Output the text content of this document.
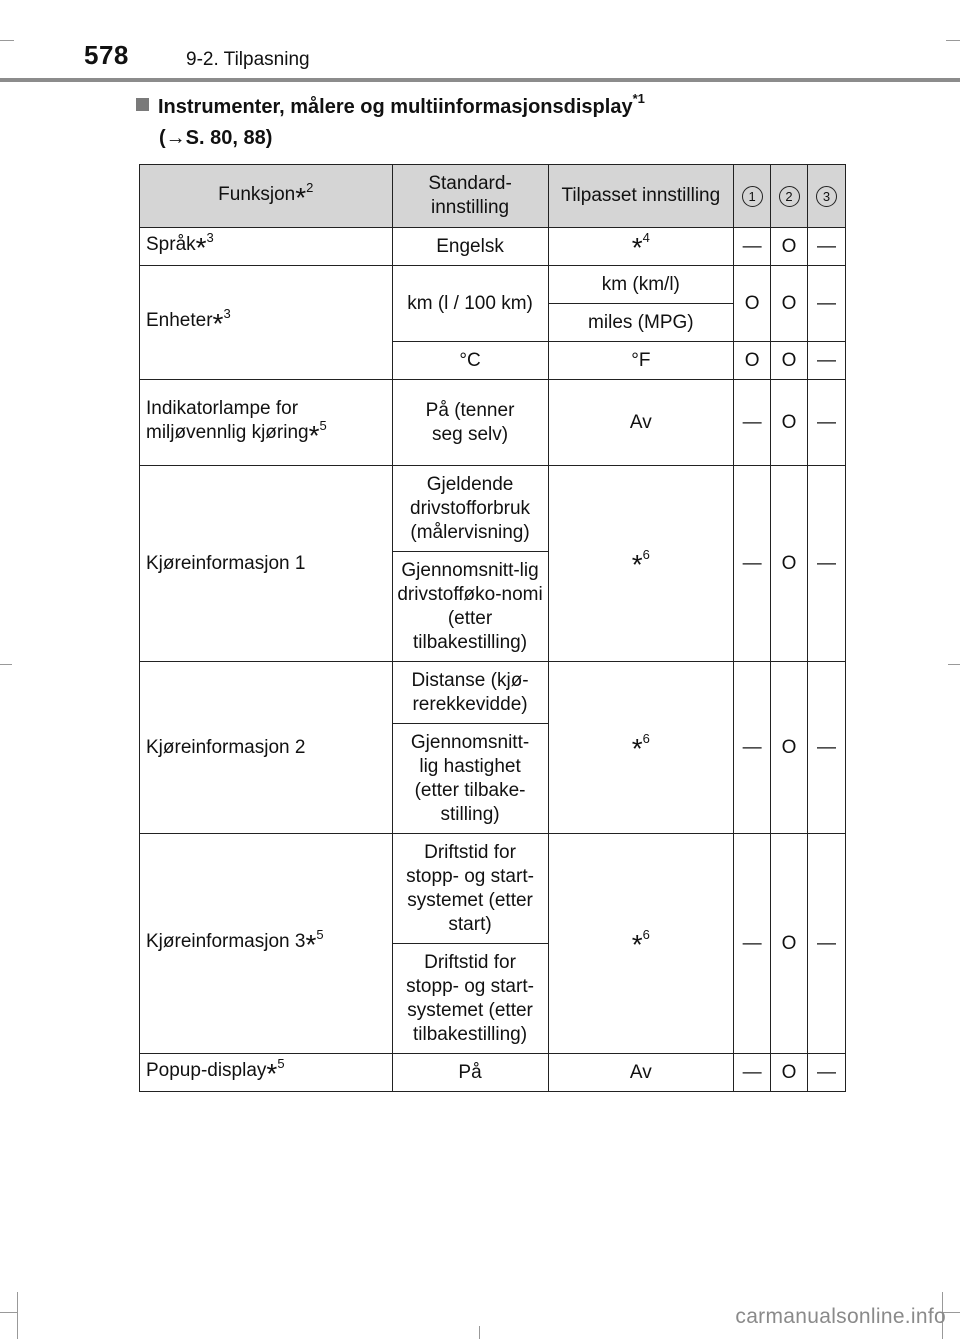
578	9-2. Tilpasning
Instrumenter, målere og multiinformasjonsdisplay$^{*1}$
(→S. 80, 88)
Funksjon*$^2$	Standard-innstilling	Tilpasset innstilling	1	2	3
Språk*$^3$	Engelsk	*$^4$	—	O	—
Enheter*$^3$	km (l / 100 km)	km (km/l)	O	O	—
		miles (MPG)			
	°C	°F	O	O	—
Indikatorlampe for
miljøvennlig kjøring*$^5$	På (tenner seg selv)	Av	—	O	—
Kjøreinformasjon 1	Gjeldende drivstofforbruk (målervisning)	*$^6$	—	O	—

	Gjennomsnitt-lig drivstofføko-nomi (etter tilbakestilling)				

Kjøreinformasjon 2	Distanse (kjø-rerekkevidde)	*$^6$	—	O	—

	Gjennomsnitt-lig hastighet (etter tilbake-stilling)				

Kjøreinformasjon 3*$^5$	Driftstid for stopp- og start-systemet (etter start)	*$^6$	—	O	—

	Driftstid for stopp- og start-systemet (etter tilbakestilling)				

Popup-display*$^5$	På	Av	—	O	—
carmanualsonline.info
